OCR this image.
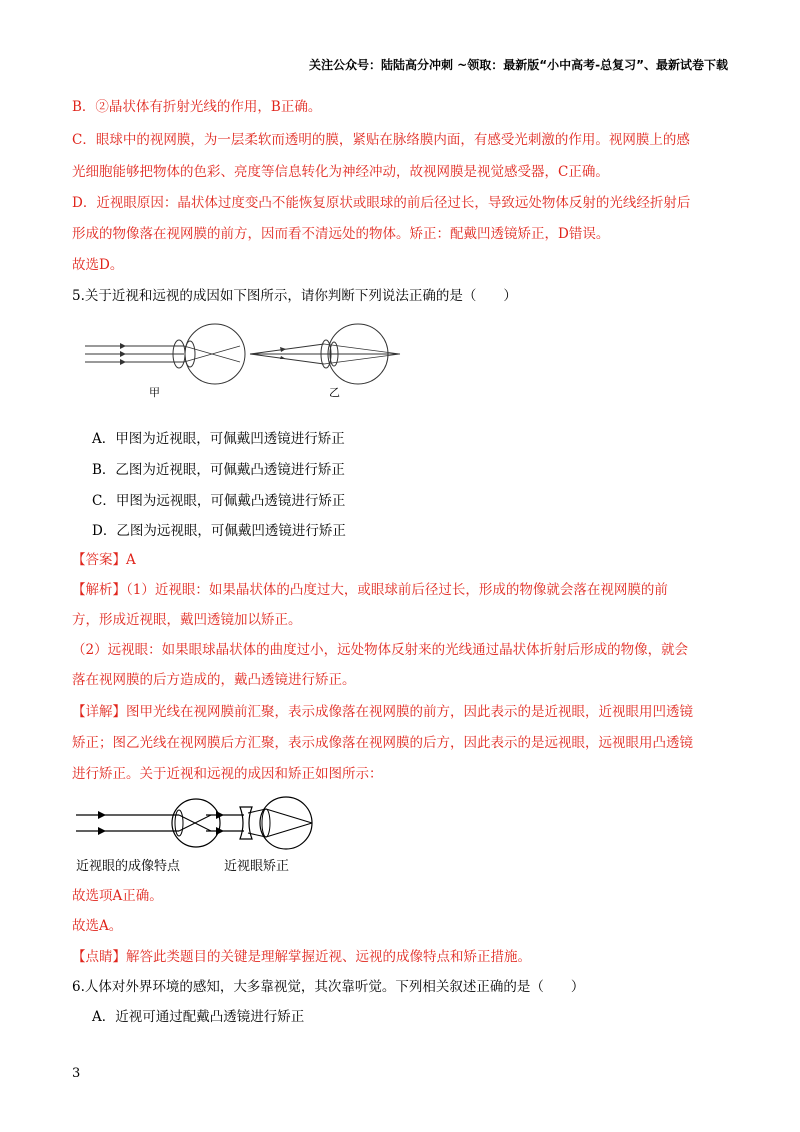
关注公众号：陆陆高分冲刺 ~领取：最新版“小中高考-总复习”、最新试卷下载
B．②晶状体有折射光线的作用，B正确。
C．眼球中的视网膜，为一层柔软而透明的膜，紧贴在脉络膜内面，有感受光刺激的作用。视网膜上的感
光细胞能够把物体的色彩、亮度等信息转化为神经冲动，故视网膜是视觉感受器，C正确。
D．近视眼原因：晶状体过度变凸不能恢复原状或眼球的前后径过长，导致远处物体反射的光线经折射后
形成的物像落在视网膜的前方，因而看不清远处的物体。矫正：配戴凹透镜矫正，D错误。
故选D。
5.关于近视和远视的成因如下图所示，请你判断下列说法正确的是（　　）
甲	乙
A．甲图为近视眼，可佩戴凹透镜进行矫正
B．乙图为近视眼，可佩戴凸透镜进行矫正
C．甲图为远视眼，可佩戴凸透镜进行矫正
D．乙图为远视眼，可佩戴凹透镜进行矫正
【答案】A
【解析】（1）近视眼：如果晶状体的凸度过大，或眼球前后径过长，形成的物像就会落在视网膜的前
方，形成近视眼，戴凹透镜加以矫正。
（2）远视眼：如果眼球晶状体的曲度过小，远处物体反射来的光线通过晶状体折射后形成的物像，就会
落在视网膜的后方造成的，戴凸透镜进行矫正。
【详解】图甲光线在视网膜前汇聚，表示成像落在视网膜的前方，因此表示的是近视眼，近视眼用凹透镜
矫正；图乙光线在视网膜后方汇聚，表示成像落在视网膜的后方，因此表示的是远视眼，远视眼用凸透镜
进行矫正。关于近视和远视的成因和矫正如图所示：
近视眼的成像特点	近视眼矫正
故选项A正确。
故选A。
【点睛】解答此类题目的关键是理解掌握近视、远视的成像特点和矫正措施。
6.人体对外界环境的感知，大多靠视觉，其次靠听觉。下列相关叙述正确的是（　　）
A．近视可通过配戴凸透镜进行矫正
3
